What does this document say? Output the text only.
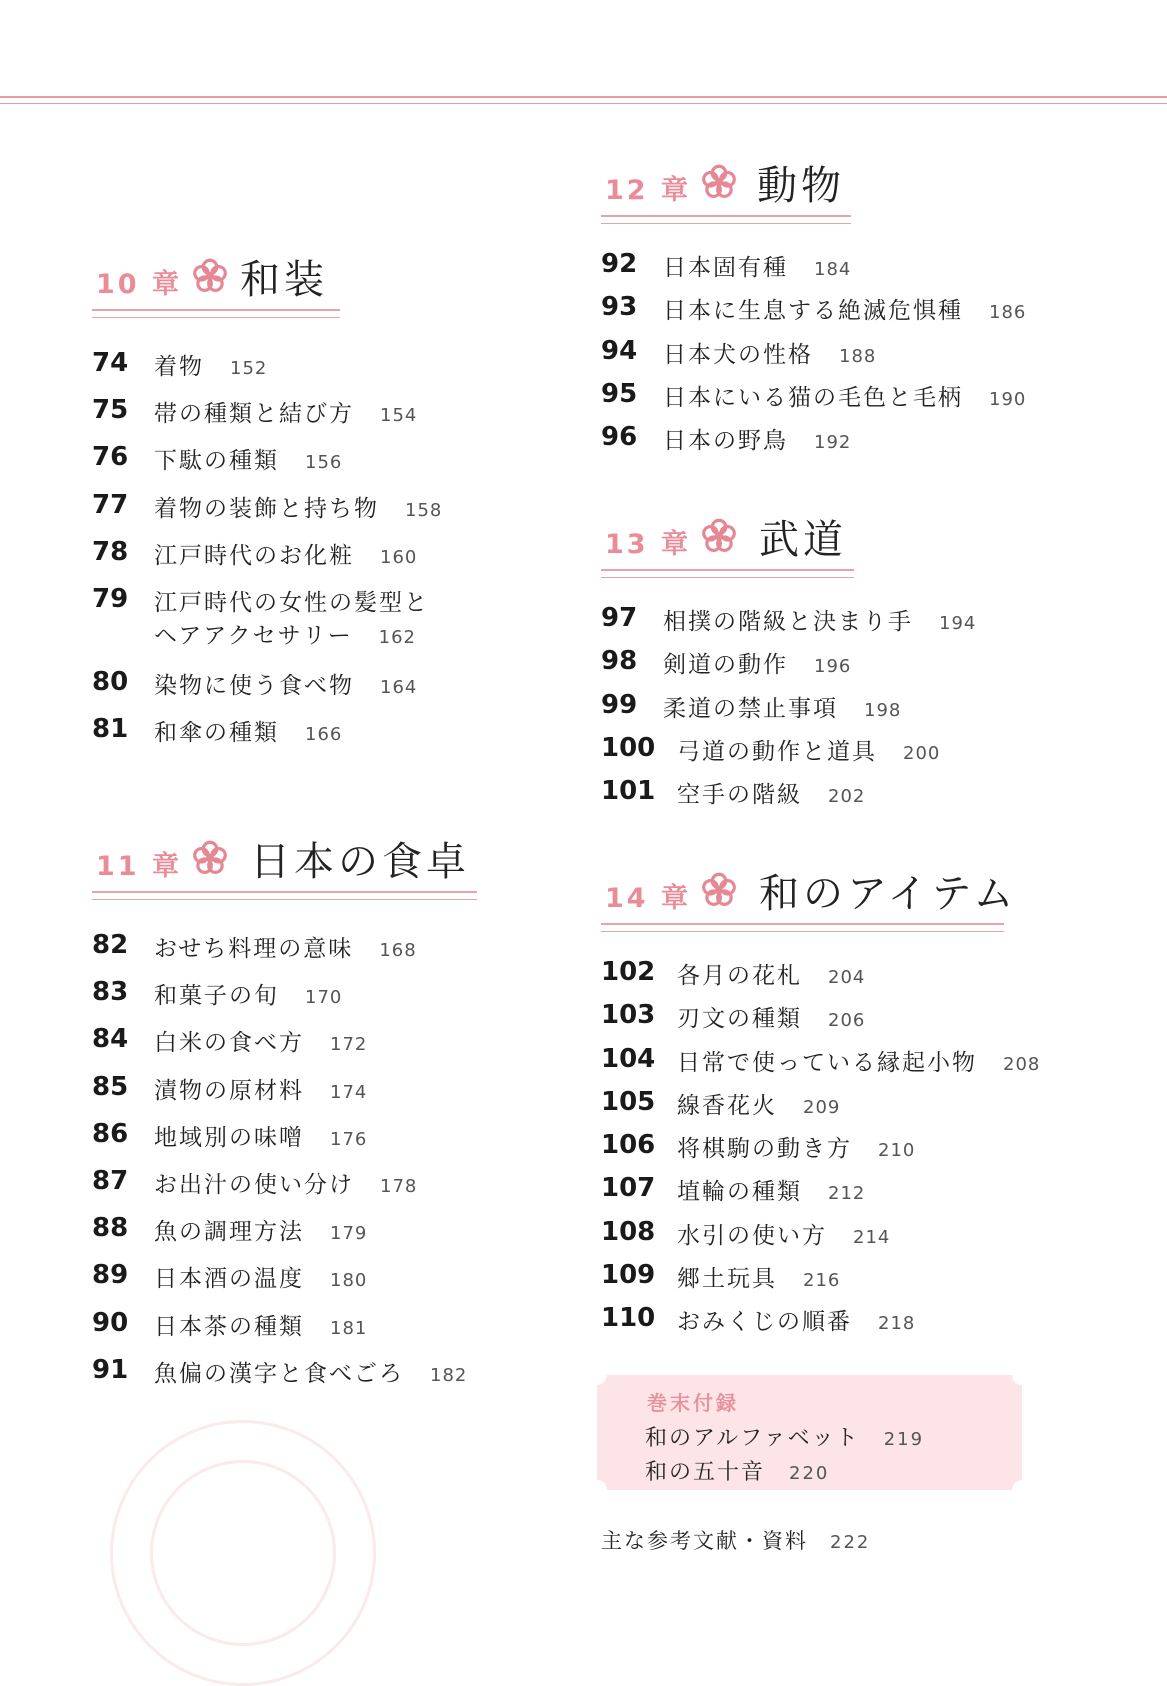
10 章 和装
74 着物 152
75 帯の種類と結び方 154
76 下駄の種類 156
77 着物の装飾と持ち物 158
78 江戸時代のお化粧 160
79 江戸時代の女性の髪型と
ヘアアクセサリー 162
80 染物に使う食べ物 164
81 和傘の種類 166
11 章 日本の食卓
82 おせち料理の意味 168
83 和菓子の旬 170
84 白米の食べ方 172
85 漬物の原材料 174
86 地域別の味噌 176
87 お出汁の使い分け 178
88 魚の調理方法 179
89 日本酒の温度 180
90 日本茶の種類 181
91 魚偏の漢字と食べごろ 182
12 章 動物
92 日本固有種 184
93 日本に生息する絶滅危惧種 186
94 日本犬の性格 188
95 日本にいる猫の毛色と毛柄 190
96 日本の野鳥 192
13 章 武道
97 相撲の階級と決まり手 194
98 剣道の動作 196
99 柔道の禁止事項 198
100 弓道の動作と道具 200
101 空手の階級 202
14 章 和のアイテム
102 各月の花札 204
103 刃文の種類 206
104 日常で使っている縁起小物 208
105 線香花火 209
106 将棋駒の動き方 210
107 埴輪の種類 212
108 水引の使い方 214
109 郷土玩具 216
110 おみくじの順番 218
巻末付録
和のアルファベット 219
和の五十音 220
主な参考文献・資料 222
